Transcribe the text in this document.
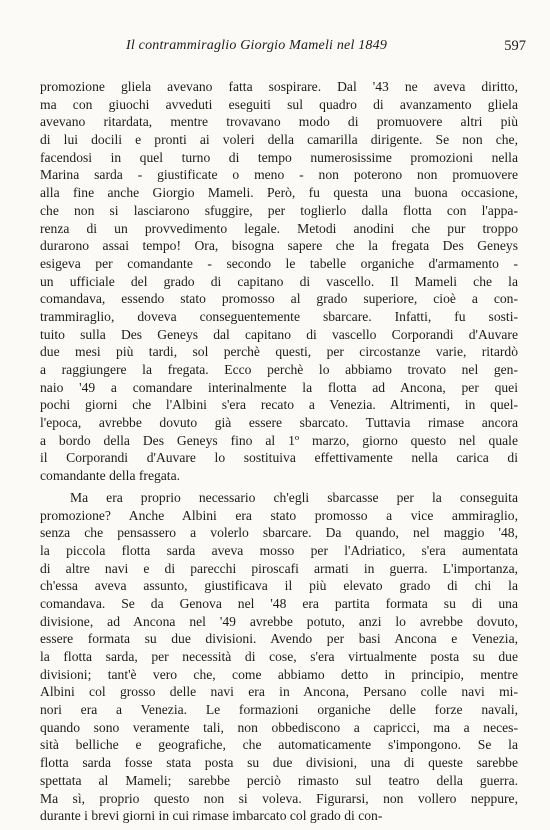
Il contrammiraglio Giorgio Mameli nel 1849	597
promozione gliela avevano fatta sospirare. Dal '43 ne aveva diritto,
ma con giuochi avveduti eseguiti sul quadro di avanzamento gliela
avevano ritardata, mentre trovavano modo di promuovere altri più
di lui docili e pronti ai voleri della camarilla dirigente. Se non che,
facendosi in quel turno di tempo numerosissime promozioni nella
Marina sarda - giustificate o meno - non poterono non promuovere
alla fine anche Giorgio Mameli. Però, fu questa una buona occasione,
che non si lasciarono sfuggire, per toglierlo dalla flotta con l'appa-
renza di un provvedimento legale. Metodi anodini che pur troppo
durarono assai tempo! Ora, bisogna sapere che la fregata Des Geneys
esigeva per comandante - secondo le tabelle organiche d'armamento -
un ufficiale del grado di capitano di vascello. Il Mameli che la
comandava, essendo stato promosso al grado superiore, cioè a con-
trammiraglio, doveva conseguentemente sbarcare. Infatti, fu sosti-
tuito sulla Des Geneys dal capitano di vascello Corporandi d'Auvare
due mesi più tardi, sol perchè questi, per circostanze varie, ritardò
a raggiungere la fregata. Ecco perchè lo abbiamo trovato nel gen-
naio '49 a comandare interinalmente la flotta ad Ancona, per quei
pochi giorni che l'Albini s'era recato a Venezia. Altrimenti, in quel-
l'epoca, avrebbe dovuto già essere sbarcato. Tuttavia rimase ancora
a bordo della Des Geneys fino al 1º marzo, giorno questo nel quale
il Corporandi d'Auvare lo sostituiva effettivamente nella carica di
comandante della fregata.
Ma era proprio necessario ch'egli sbarcasse per la conseguita
promozione? Anche Albini era stato promosso a vice ammiraglio,
senza che pensassero a volerlo sbarcare. Da quando, nel maggio '48,
la piccola flotta sarda aveva mosso per l'Adriatico, s'era aumentata
di altre navi e di parecchi piroscafi armati in guerra. L'importanza,
ch'essa aveva assunto, giustificava il più elevato grado di chi la
comandava. Se da Genova nel '48 era partita formata su di una
divisione, ad Ancona nel '49 avrebbe potuto, anzi lo avrebbe dovuto,
essere formata su due divisioni. Avendo per basi Ancona e Venezia,
la flotta sarda, per necessità di cose, s'era virtualmente posta su due
divisioni; tant'è vero che, come abbiamo detto in principio, mentre
Albini col grosso delle navi era in Ancona, Persano colle navi mi-
nori era a Venezia. Le formazioni organiche delle forze navali,
quando sono veramente tali, non obbediscono a capricci, ma a neces-
sità belliche e geografiche, che automaticamente s'impongono. Se la
flotta sarda fosse stata posta su due divisioni, una di queste sarebbe
spettata al Mameli; sarebbe perciò rimasto sul teatro della guerra.
Ma sì, proprio questo non si voleva. Figurarsi, non vollero neppure,
durante i brevi giorni in cui rimase imbarcato col grado di con-
